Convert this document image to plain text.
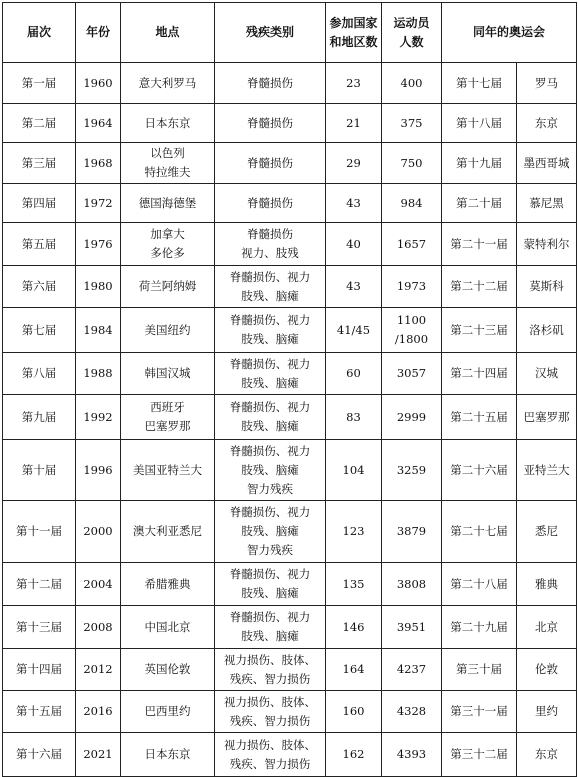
届次	年份	地点	残疾类别	参加国家
和地区数	运动员
人数	同年的奥运会	
第一届	1960	意大利罗马	脊髓损伤	23	400	第十七届	罗马
第二届	1964	日本东京	脊髓损伤	21	375	第十八届	东京
第三届	1968	以色列
特拉维夫	脊髓损伤	29	750	第十九届	墨西哥城
第四届	1972	德国海德堡	脊髓损伤	43	984	第二十届	慕尼黑
第五届	1976	加拿大
多伦多	脊髓损伤
视力、肢残	40	1657	第二十一届	蒙特利尔
第六届	1980	荷兰阿纳姆	脊髓损伤、视力
肢残、脑瘫	43	1973	第二十二届	莫斯科
第七届	1984	美国纽约	脊髓损伤、视力
肢残、脑瘫	41/45	1100
/1800	第二十三届	洛杉矶
第八届	1988	韩国汉城	脊髓损伤、视力
肢残、脑瘫	60	3057	第二十四届	汉城
第九届	1992	西班牙
巴塞罗那	脊髓损伤、视力
肢残、脑瘫	83	2999	第二十五届	巴塞罗那
第十届	1996	美国亚特兰大	脊髓损伤、视力
肢残、脑瘫
智力残疾	104	3259	第二十六届	亚特兰大
第十一届	2000	澳大利亚悉尼	脊髓损伤、视力
肢残、脑瘫
智力残疾	123	3879	第二十七届	悉尼
第十二届	2004	希腊雅典	脊髓损伤、视力
肢残、脑瘫	135	3808	第二十八届	雅典
第十三届	2008	中国北京	脊髓损伤、视力
肢残、脑瘫	146	3951	第二十九届	北京
第十四届	2012	英国伦敦	视力损伤、肢体、
残疾、智力损伤	164	4237	第三十届	伦敦
第十五届	2016	巴西里约	视力损伤、肢体、
残疾、智力损伤	160	4328	第三十一届	里约
第十六届	2021	日本东京	视力损伤、肢体、
残疾、智力损伤	162	4393	第三十二届	东京
